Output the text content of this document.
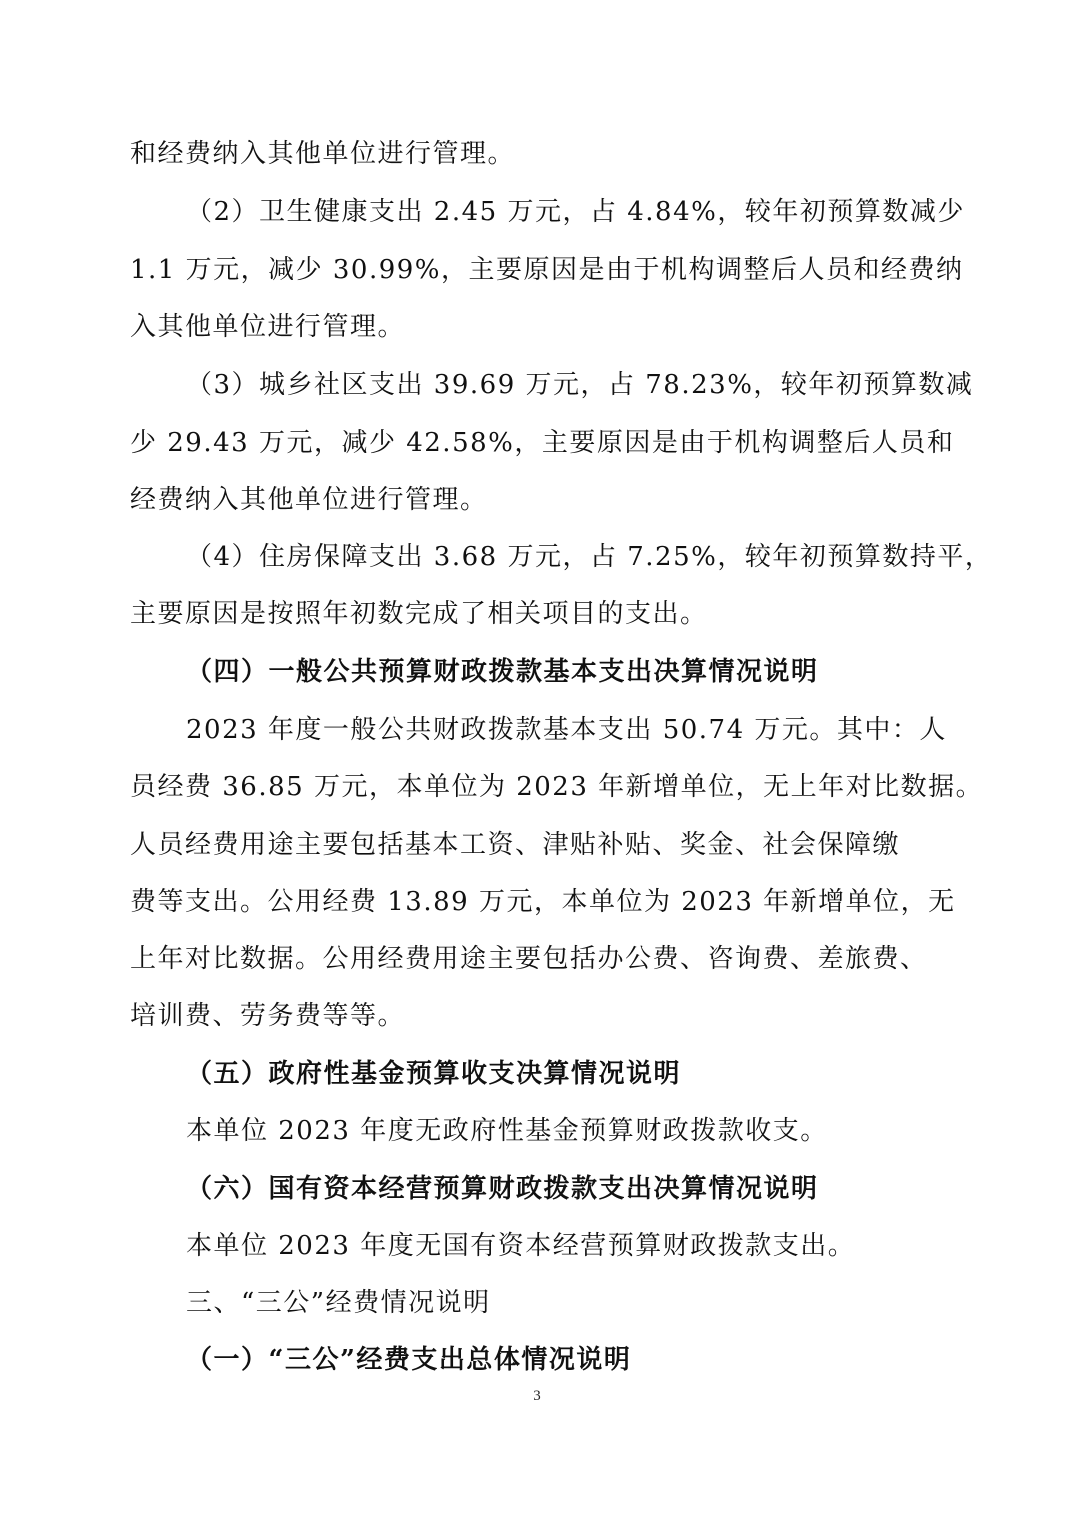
和经费纳入其他单位进行管理。
（2）卫生健康支出 2.45 万元，占 4.84%，较年初预算数减少
1.1 万元，减少 30.99%，主要原因是由于机构调整后人员和经费纳
入其他单位进行管理。
（3）城乡社区支出 39.69 万元，占 78.23%，较年初预算数减
少 29.43 万元，减少 42.58%，主要原因是由于机构调整后人员和
经费纳入其他单位进行管理。
（4）住房保障支出 3.68 万元，占 7.25%，较年初预算数持平，
主要原因是按照年初数完成了相关项目的支出。
（四）一般公共预算财政拨款基本支出决算情况说明
2023 年度一般公共财政拨款基本支出 50.74 万元。其中：人
员经费 36.85 万元，本单位为 2023 年新增单位，无上年对比数据。
人员经费用途主要包括基本工资、津贴补贴、奖金、社会保障缴
费等支出。公用经费 13.89 万元，本单位为 2023 年新增单位，无
上年对比数据。公用经费用途主要包括办公费、咨询费、差旅费、
培训费、劳务费等等。
（五）政府性基金预算收支决算情况说明
本单位 2023 年度无政府性基金预算财政拨款收支。
（六）国有资本经营预算财政拨款支出决算情况说明
本单位 2023 年度无国有资本经营预算财政拨款支出。
三、“三公”经费情况说明
（一）“三公”经费支出总体情况说明
3
